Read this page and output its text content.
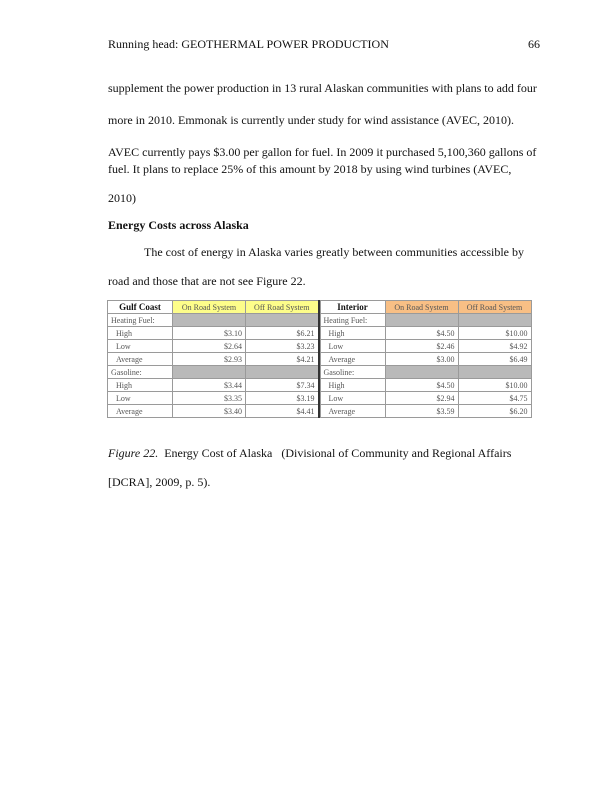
Running head: GEOTHERMAL POWER PRODUCTION	66
supplement the power production in 13 rural Alaskan communities with plans to add four
more in 2010. Emmonak is currently under study for wind assistance (AVEC, 2010).
AVEC currently pays $3.00 per gallon for fuel. In 2009 it purchased 5,100,360 gallons of
fuel. It plans to replace 25% of this amount by 2018 by using wind turbines (AVEC,
2010)
Energy Costs across Alaska
The cost of energy in Alaska varies greatly between communities accessible by
road and those that are not see Figure 22.
Gulf Coast	On Road System	Off Road System
Heating Fuel:		
High	$3.10	$6.21
Low	$2.64	$3.23
Average	$2.93	$4.21
Gasoline:		
High	$3.44	$7.34
Low	$3.35	$3.19
Average	$3.40	$4.41
Interior	On Road System	Off Road System
Heating Fuel:		
High	$4.50	$10.00
Low	$2.46	$4.92
Average	$3.00	$6.49
Gasoline:		
High	$4.50	$10.00
Low	$2.94	$4.75
Average	$3.59	$6.20
Figure 22.  Energy Cost of Alaska   (Divisional of Community and Regional Affairs
[DCRA], 2009, p. 5).
